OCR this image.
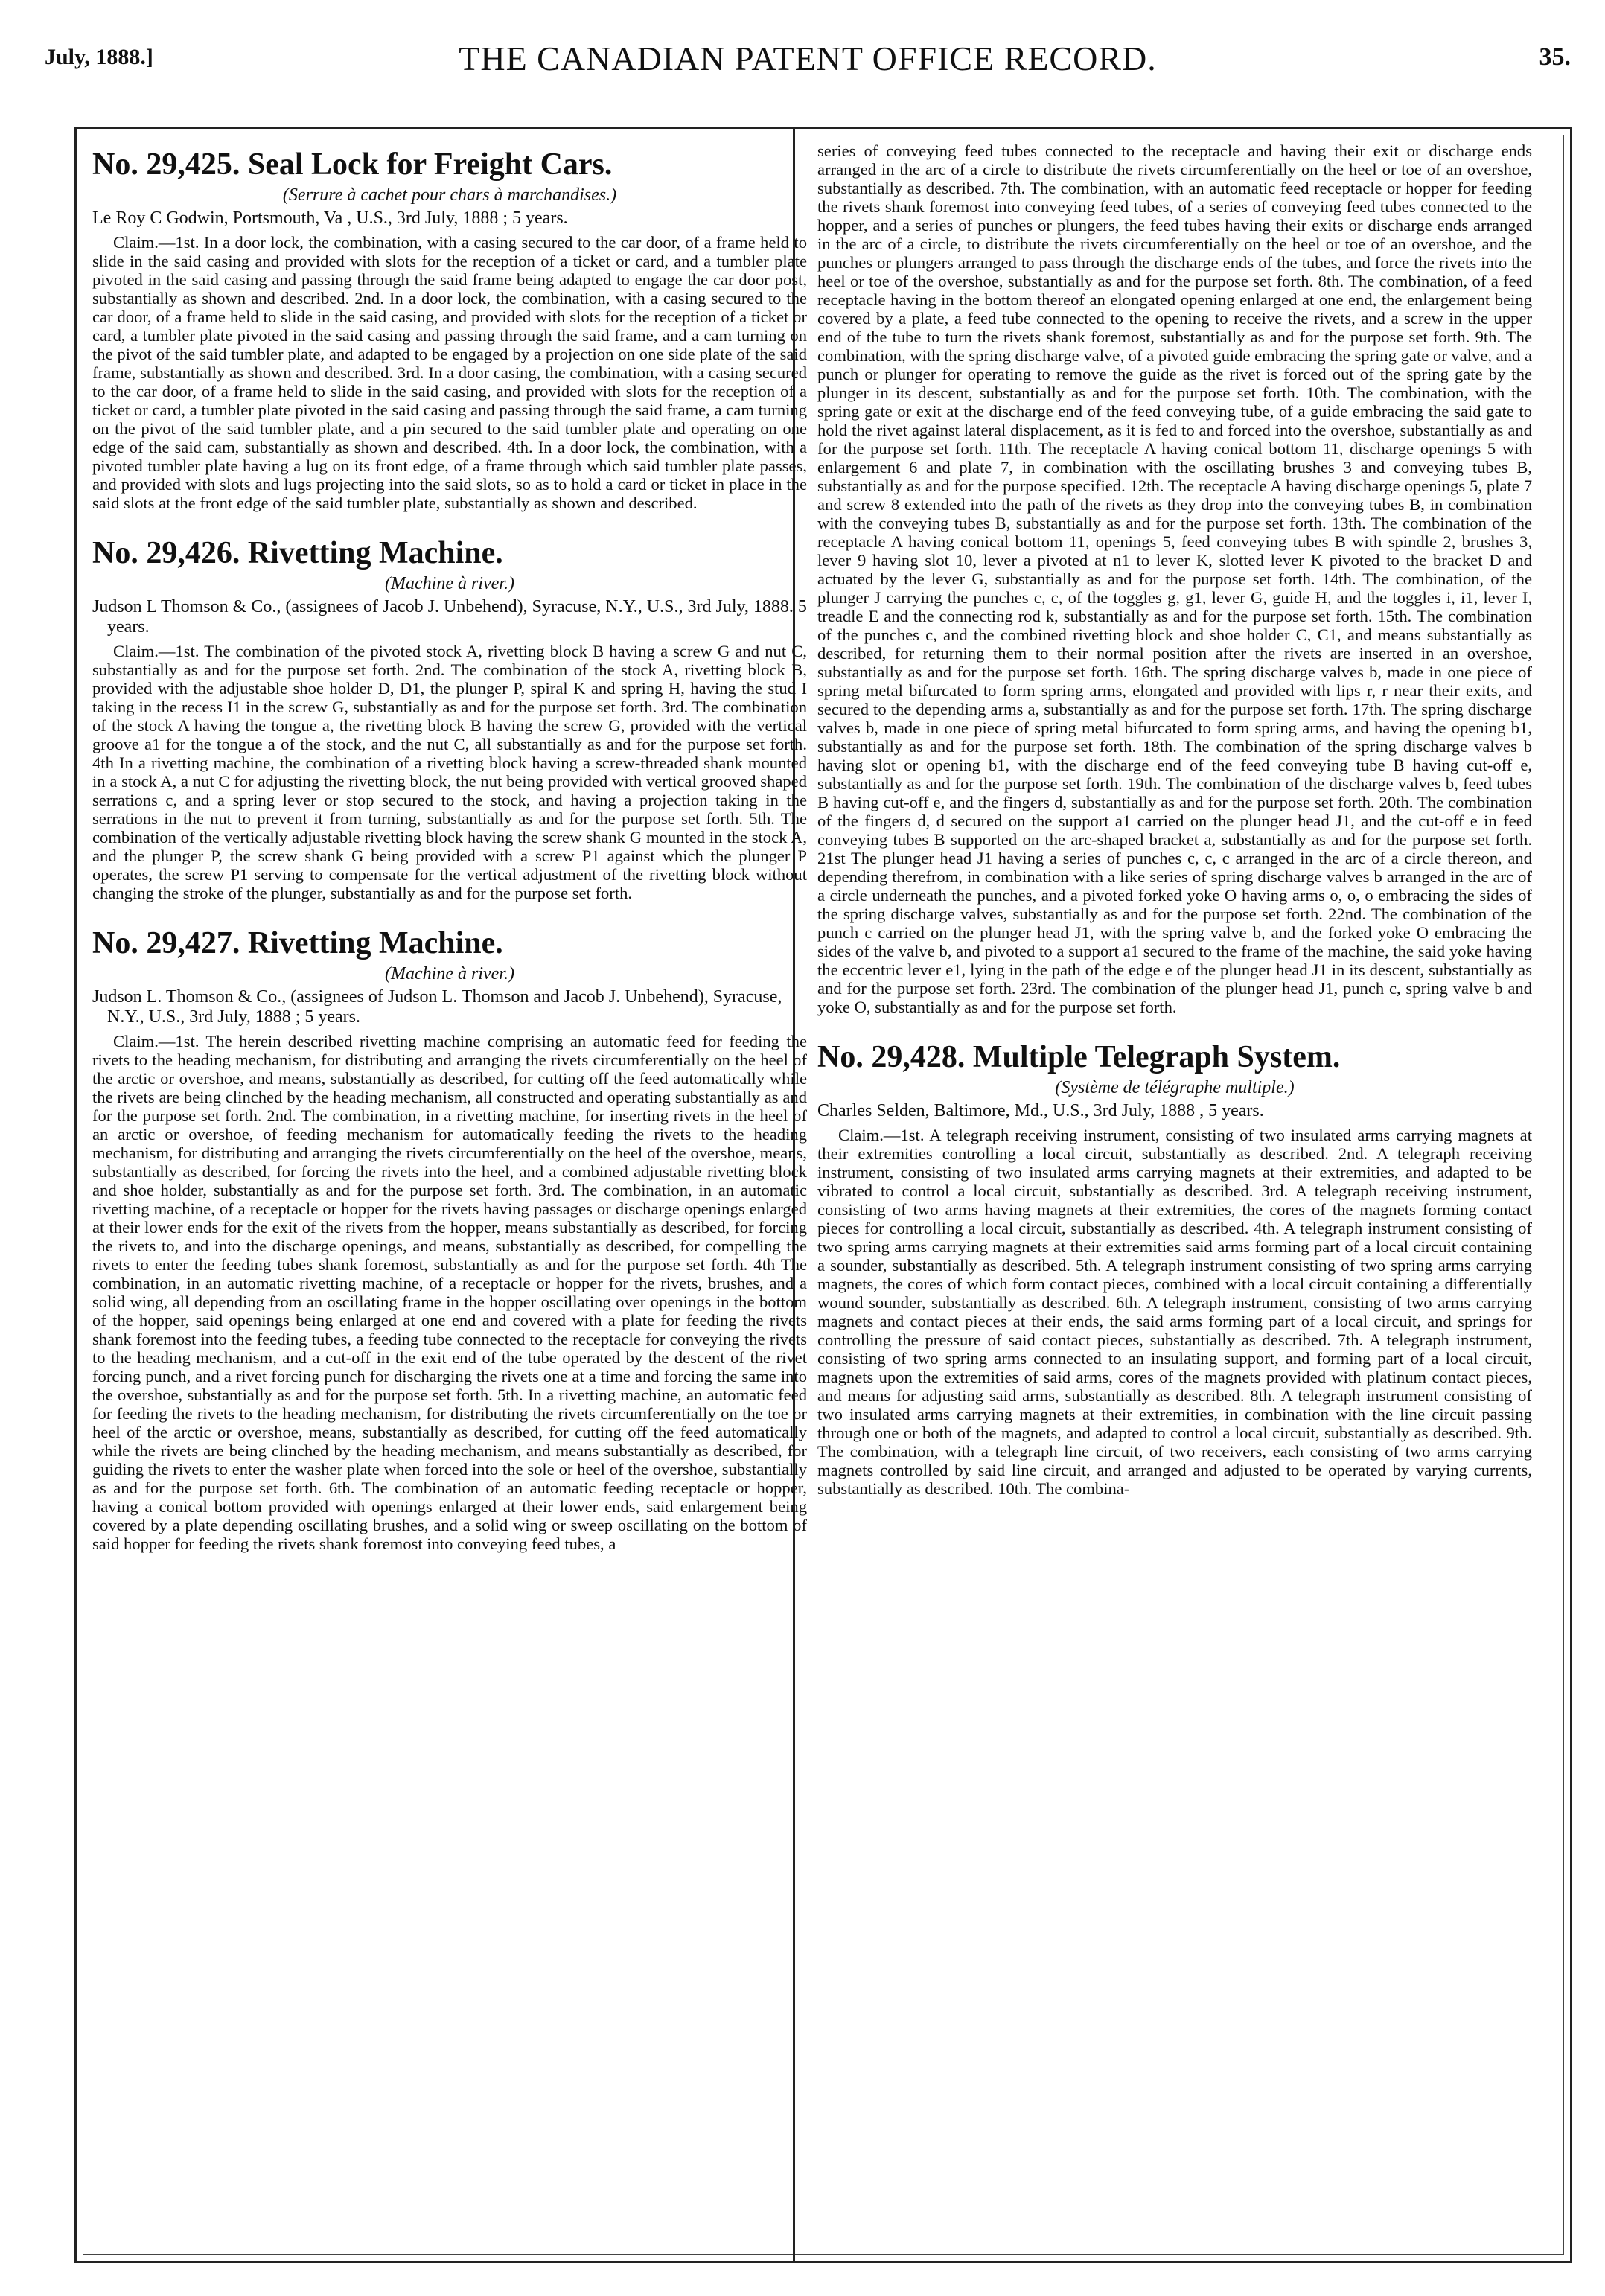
July, 1888.]	THE CANADIAN PATENT OFFICE RECORD.	35.
No. 29,425. Seal Lock for Freight Cars.
(Serrure à cachet pour chars à marchandises.)
Le Roy C Godwin, Portsmouth, Va , U.S., 3rd July, 1888 ; 5 years.

Claim.—1st. In a door lock, the combination, with a casing secured to the car door, of a frame held to slide in the said casing and provided with slots for the reception of a ticket or card, and a tumbler plate pivoted in the said casing and passing through the said frame being adapted to engage the car door post, substantially as shown and described. 2nd. In a door lock, the combination, with a casing secured to the car door, of a frame held to slide in the said casing, and provided with slots for the reception of a ticket or card, a tumbler plate pivoted in the said casing and passing through the said frame, and a cam turning on the pivot of the said tumbler plate, and adapted to be engaged by a projection on one side plate of the said frame, substantially as shown and described. 3rd. In a door casing, the combination, with a casing secured to the car door, of a frame held to slide in the said casing, and provided with slots for the reception of a ticket or card, a tumbler plate pivoted in the said casing and passing through the said frame, a cam turning on the pivot of the said tumbler plate, and a pin secured to the said tumbler plate and operating on one edge of the said cam, substantially as shown and described. 4th. In a door lock, the combination, with a pivoted tumbler plate having a lug on its front edge, of a frame through which said tumbler plate passes, and provided with slots and lugs projecting into the said slots, so as to hold a card or ticket in place in the said slots at the front edge of the said tumbler plate, substantially as shown and described.

No. 29,426. Rivetting Machine.
(Machine à river.)
Judson L Thomson & Co., (assignees of Jacob J. Unbehend), Syracuse, N.Y., U.S., 3rd July, 1888. 5 years.

Claim.—1st. The combination of the pivoted stock A, rivetting block B having a screw G and nut C, substantially as and for the purpose set forth. 2nd. The combination of the stock A, rivetting block B, provided with the adjustable shoe holder D, D1, the plunger P, spiral K and spring H, having the stud I taking in the recess I1 in the screw G, substantially as and for the purpose set forth. 3rd. The combination of the stock A having the tongue a, the rivetting block B having the screw G, provided with the vertical groove a1 for the tongue a of the stock, and the nut C, all substantially as and for the purpose set forth. 4th In a rivetting machine, the combination of a rivetting block having a screw-threaded shank mounted in a stock A, a nut C for adjusting the rivetting block, the nut being provided with vertical grooved shaped serrations c, and a spring lever or stop secured to the stock, and having a projection taking in the serrations in the nut to prevent it from turning, substantially as and for the purpose set forth. 5th. The combination of the vertically adjustable rivetting block having the screw shank G mounted in the stock A, and the plunger P, the screw shank G being provided with a screw P1 against which the plunger P operates, the screw P1 serving to compensate for the vertical adjustment of the rivetting block without changing the stroke of the plunger, substantially as and for the purpose set forth.

No. 29,427. Rivetting Machine.
(Machine à river.)
Judson L. Thomson & Co., (assignees of Judson L. Thomson and Jacob J. Unbehend), Syracuse, N.Y., U.S., 3rd July, 1888 ; 5 years.

Claim.—1st. The herein described rivetting machine comprising an automatic feed for feeding the rivets to the heading mechanism, for distributing and arranging the rivets circumferentially on the heel of the arctic or overshoe, and means, substantially as described, for cutting off the feed automatically while the rivets are being clinched by the heading mechanism, all constructed and operating substantially as and for the purpose set forth. 2nd. The combination, in a rivetting machine, for inserting rivets in the heel of an arctic or overshoe, of feeding mechanism for automatically feeding the rivets to the heading mechanism, for distributing and arranging the rivets circumferentially on the heel of the overshoe, means, substantially as described, for forcing the rivets into the heel, and a combined adjustable rivetting block and shoe holder, substantially as and for the purpose set forth. 3rd. The combination, in an automatic rivetting machine, of a receptacle or hopper for the rivets having passages or discharge openings enlarged at their lower ends for the exit of the rivets from the hopper, means substantially as described, for forcing the rivets to, and into the discharge openings, and means, substantially as described, for compelling the rivets to enter the feeding tubes shank foremost, substantially as and for the purpose set forth. 4th The combination, in an automatic rivetting machine, of a receptacle or hopper for the rivets, brushes, and a solid wing, all depending from an oscillating frame in the hopper oscillating over openings in the bottom of the hopper, said openings being enlarged at one end and covered with a plate for feeding the rivets shank foremost into the feeding tubes, a feeding tube connected to the receptacle for conveying the rivets to the heading mechanism, and a cut-off in the exit end of the tube operated by the descent of the rivet forcing punch, and a rivet forcing punch for discharging the rivets one at a time and forcing the same into the overshoe, substantially as and for the purpose set forth. 5th. In a rivetting machine, an automatic feed for feeding the rivets to the heading mechanism, for distributing the rivets circumferentially on the toe or heel of the arctic or overshoe, means, substantially as described, for cutting off the feed automatically while the rivets are being clinched by the heading mechanism, and means substantially as described, for guiding the rivets to enter the washer plate when forced into the sole or heel of the overshoe, substantially as and for the purpose set forth. 6th. The combination of an automatic feeding receptacle or hopper, having a conical bottom provided with openings enlarged at their lower ends, said enlargement being covered by a plate depending oscillating brushes, and a solid wing or sweep oscillating on the bottom of said hopper for feeding the rivets shank foremost into conveying feed tubes, a

series of conveying feed tubes connected to the receptacle and having their exit or discharge ends arranged in the arc of a circle to distribute the rivets circumferentially on the heel or toe of an overshoe, substantially as described. 7th. The combination, with an automatic feed receptacle or hopper for feeding the rivets shank foremost into conveying feed tubes, of a series of conveying feed tubes connected to the hopper, and a series of punches or plungers, the feed tubes having their exits or discharge ends arranged in the arc of a circle, to distribute the rivets circumferentially on the heel or toe of an overshoe, and the punches or plungers arranged to pass through the discharge ends of the tubes, and force the rivets into the heel or toe of the overshoe, substantially as and for the purpose set forth. 8th. The combination, of a feed receptacle having in the bottom thereof an elongated opening enlarged at one end, the enlargement being covered by a plate, a feed tube connected to the opening to receive the rivets, and a screw in the upper end of the tube to turn the rivets shank foremost, substantially as and for the purpose set forth. 9th. The combination, with the spring discharge valve, of a pivoted guide embracing the spring gate or valve, and a punch or plunger for operating to remove the guide as the rivet is forced out of the spring gate by the plunger in its descent, substantially as and for the purpose set forth. 10th. The combination, with the spring gate or exit at the discharge end of the feed conveying tube, of a guide embracing the said gate to hold the rivet against lateral displacement, as it is fed to and forced into the overshoe, substantially as and for the purpose set forth. 11th. The receptacle A having conical bottom 11, discharge openings 5 with enlargement 6 and plate 7, in combination with the oscillating brushes 3 and conveying tubes B, substantially as and for the purpose specified. 12th. The receptacle A having discharge openings 5, plate 7 and screw 8 extended into the path of the rivets as they drop into the conveying tubes B, in combination with the conveying tubes B, substantially as and for the purpose set forth. 13th. The combination of the receptacle A having conical bottom 11, openings 5, feed conveying tubes B with spindle 2, brushes 3, lever 9 having slot 10, lever a pivoted at n1 to lever K, slotted lever K pivoted to the bracket D and actuated by the lever G, substantially as and for the purpose set forth. 14th. The combination, of the plunger J carrying the punches c, c, of the toggles g, g1, lever G, guide H, and the toggles i, i1, lever I, treadle E and the connecting rod k, substantially as and for the purpose set forth. 15th. The combination of the punches c, and the combined rivetting block and shoe holder C, C1, and means substantially as described, for returning them to their normal position after the rivets are inserted in an overshoe, substantially as and for the purpose set forth. 16th. The spring discharge valves b, made in one piece of spring metal bifurcated to form spring arms, elongated and provided with lips r, r near their exits, and secured to the depending arms a, substantially as and for the purpose set forth. 17th. The spring discharge valves b, made in one piece of spring metal bifurcated to form spring arms, and having the opening b1, substantially as and for the purpose set forth. 18th. The combination of the spring discharge valves b having slot or opening b1, with the discharge end of the feed conveying tube B having cut-off e, substantially as and for the purpose set forth. 19th. The combination of the discharge valves b, feed tubes B having cut-off e, and the fingers d, substantially as and for the purpose set forth. 20th. The combination of the fingers d, d secured on the support a1 carried on the plunger head J1, and the cut-off e in feed conveying tubes B supported on the arc-shaped bracket a, substantially as and for the purpose set forth. 21st The plunger head J1 having a series of punches c, c, c arranged in the arc of a circle thereon, and depending therefrom, in combination with a like series of spring discharge valves b arranged in the arc of a circle underneath the punches, and a pivoted forked yoke O having arms o, o, o embracing the sides of the spring discharge valves, substantially as and for the purpose set forth. 22nd. The combination of the punch c carried on the plunger head J1, with the spring valve b, and the forked yoke O embracing the sides of the valve b, and pivoted to a support a1 secured to the frame of the machine, the said yoke having the eccentric lever e1, lying in the path of the edge e of the plunger head J1 in its descent, substantially as and for the purpose set forth. 23rd. The combination of the plunger head J1, punch c, spring valve b and yoke O, substantially as and for the purpose set forth.

No. 29,428. Multiple Telegraph System.
(Système de télégraphe multiple.)
Charles Selden, Baltimore, Md., U.S., 3rd July, 1888 , 5 years.

Claim.—1st. A telegraph receiving instrument, consisting of two insulated arms carrying magnets at their extremities controlling a local circuit, substantially as described. 2nd. A telegraph receiving instrument, consisting of two insulated arms carrying magnets at their extremities, and adapted to be vibrated to control a local circuit, substantially as described. 3rd. A telegraph receiving instrument, consisting of two arms having magnets at their extremities, the cores of the magnets forming contact pieces for controlling a local circuit, substantially as described. 4th. A telegraph instrument consisting of two spring arms carrying magnets at their extremities said arms forming part of a local circuit containing a sounder, substantially as described. 5th. A telegraph instrument consisting of two spring arms carrying magnets, the cores of which form contact pieces, combined with a local circuit containing a differentially wound sounder, substantially as described. 6th. A telegraph instrument, consisting of two arms carrying magnets and contact pieces at their ends, the said arms forming part of a local circuit, and springs for controlling the pressure of said contact pieces, substantially as described. 7th. A telegraph instrument, consisting of two spring arms connected to an insulating support, and forming part of a local circuit, magnets upon the extremities of said arms, cores of the magnets provided with platinum contact pieces, and means for adjusting said arms, substantially as described. 8th. A telegraph instrument consisting of two insulated arms carrying magnets at their extremities, in combination with the line circuit passing through one or both of the magnets, and adapted to control a local circuit, substantially as described. 9th. The combination, with a telegraph line circuit, of two receivers, each consisting of two arms carrying magnets controlled by said line circuit, and arranged and adjusted to be operated by varying currents, substantially as described. 10th. The combina-
